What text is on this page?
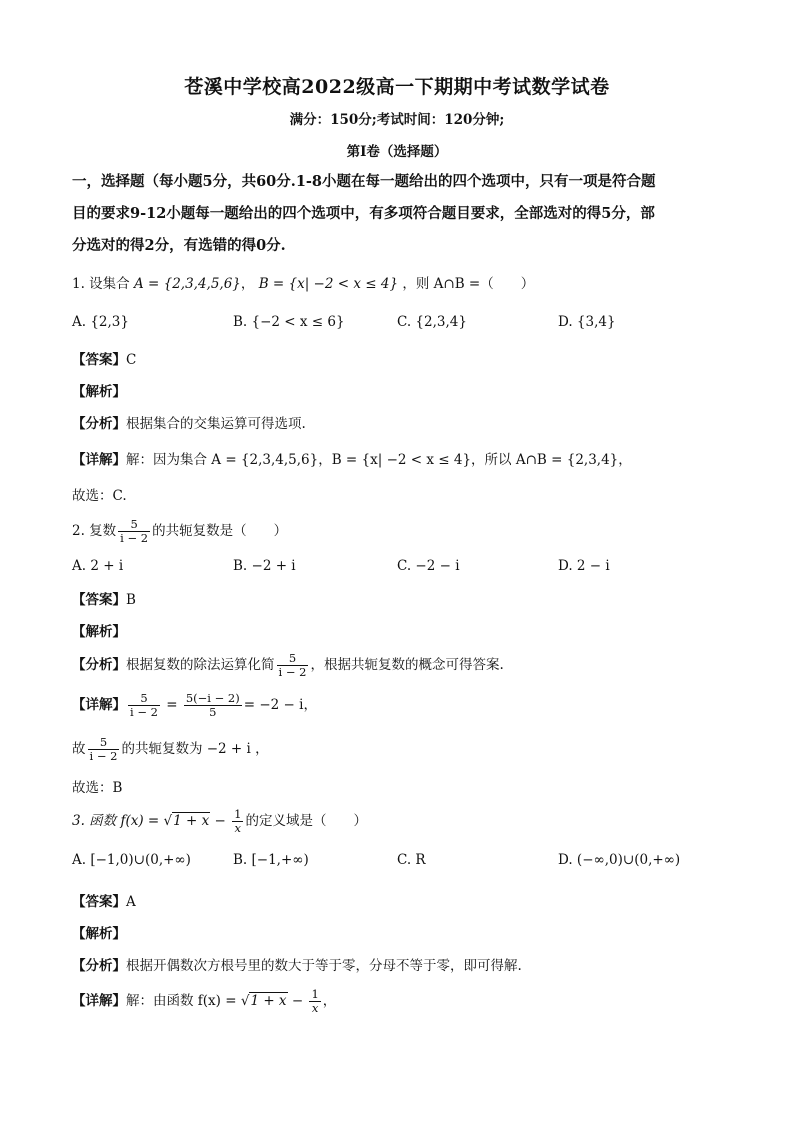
苍溪中学校高2022级高一下期期中考试数学试卷
满分：150分;考试时间：120分钟;
第I卷（选择题）
一，选择题（每小题5分，共60分.1-8小题在每一题给出的四个选项中，只有一项是符合题
目的要求9-12小题每一题给出的四个选项中，有多项符合题目要求，全部选对的得5分，部
分选对的得2分，有选错的得0分.
1. 设集合 A = {2,3,4,5,6}， B = {x| −2 < x ≤ 4} ，则 A∩B =（　　）
A. {2,3}	B. {−2 < x ≤ 6}	C. {2,3,4}	D. {3,4}
【答案】C
【解析】
【分析】根据集合的交集运算可得选项.
【详解】解：因为集合 A = {2,3,4,5,6}，B = {x| −2 < x ≤ 4}，所以 A∩B = {2,3,4}，
故选：C.
2. 复数 $\frac{5}{i - 2}$ 的共轭复数是（　　）
A. 2 + i	B. −2 + i	C. −2 − i	D. 2 − i
【答案】B
【解析】
【分析】根据复数的除法运算化简 $\frac{5}{i - 2}$ ，根据共轭复数的概念可得答案.
【详解】 $\frac{5}{i - 2} = \frac{5(-i - 2)}{5} = -2 - i$，
故 $\frac{5}{i - 2}$ 的共轭复数为 −2 + i ，
故选：B
3. 函数 $f(x) = √1 + x - \frac{1}{x}$ 的定义域是（　　）
A. [−1,0)∪(0,+∞)	B. [−1,+∞)	C. R	D. (−∞,0)∪(0,+∞)
【答案】A
【解析】
【分析】根据开偶数次方根号里的数大于等于零，分母不等于零，即可得解.
【详解】解：由函数 $f(x) = √1 + x - \frac{1}{x}$ ，
